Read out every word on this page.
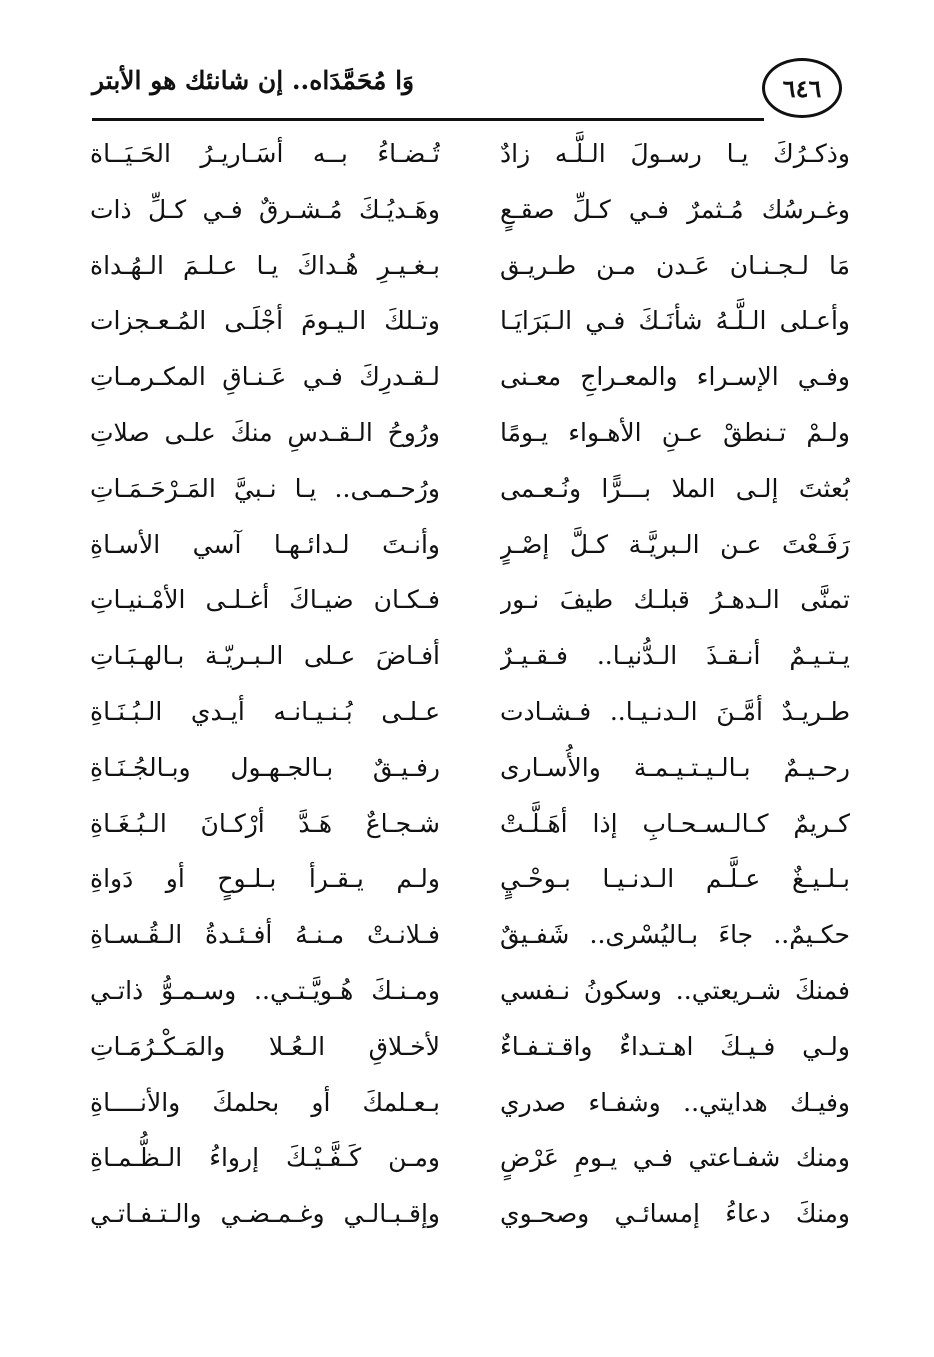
٦٤٦
وَا مُحَمَّدَاه.. إن شانئك هو الأبتر
وذكـرُكَ يـا رسـولَ الـلَّـه زادٌ
وغـرسُك مُـثمرٌ فـي كـلِّ صقـعٍ
مَا لـجـنـان عَـدن مـن طـريـق
وأعـلى الـلَّـهُ شأنَـكَ فـي الـبَرَايَـا
وفـي الإسـراء والمعـراجِ معـنى
ولـمْ تـنطقْ عـنِ الأهـواء يـومًا
بُعثتَ إلـى الملا بـــرًّا ونُـعـمى
رَفَـعْتَ عـن الـبريَّـة كـلَّ إصْـرٍ
تمنَّى الـدهـرُ قبلـك طيفَ نـور
يـتـيـمٌ أنـقـذَ الـدُّنيـا.. فـقـيـرٌ
طـريـدٌ أمَّـنَ الـدنـيـا.. فـشـادت
رحـيـمٌ بـالـيـتـيـمـة والأُسـارى
كـريمٌ كـالـسـحـابِ إذا أهَـلَّـتْ
بـلـيـغٌ عـلَّـم الـدنـيـا بـوحْـيٍ
حكـيمٌ.. جاءَ بـاليُسْرى.. شَفـيقٌ
فمنكَ شـريعتي.. وسكونُ نـفسي
ولـي فـيـكَ اهـتـداءٌ واقـتـفـاءٌ
وفيـك هدايتي.. وشفـاء صدري
ومنك شفـاعتي فـي يـومِ عَرْضٍ
ومنكَ دعاءُ إمسائـي وصحـوي
تُـضـاءُ بــه أسَـاريـرُ الحَـيَــاة
وهَـديُـكَ مُـشـرقٌ فـي كـلِّ ذات
بـغـيـرِ هُـداكَ يـا عـلـمَ الـهُـداة
وتـلكَ الـيـومَ أجْلَـى المُـعـجزات
لـقـدرِكَ فـي عَـنـاقِ المكـرمـاتِ
ورُوحُ الـقـدسِ منكَ علـى صلاتِ
ورُحـمـى.. يـا نـبيَّ المَـرْحَـمَـاتِ
وأنـتَ لـدائـهـا آسي الأسـاةِ
فـكـان ضيـاكَ أغـلـى الأمْـنيـاتِ
أفـاضَ عـلى الـبـريّـة بـالهـبَـاتِ
عـلـى بُـنـيـانـه أيـدي الـبُـنَـاةِ
رفـيـقٌ بـالجـهـول وبـالجُـنَـاةِ
شـجـاعٌ هَـدَّ أرْكـانَ الـبُـغَـاةِ
ولـم يـقـرأ بـلـوحٍ أو دَواةِ
فـلانـتْ مـنـهُ أفـئـدةُ الـقُـسـاةِ
ومـنـكَ هُـويَّـتـي.. وسـمـوُّ ذاتـي
لأخـلاقِ الـعُـلا والمَـكْـرُمَـاتِ
بـعـلمكَ أو بحلمكَ والأنــــاةِ
ومـن كَـفَّـيْـكَ إرواءُ الـظُّـمـاةِ
وإقـبـالـي وغـمـضـي والـتـفـاتـي
